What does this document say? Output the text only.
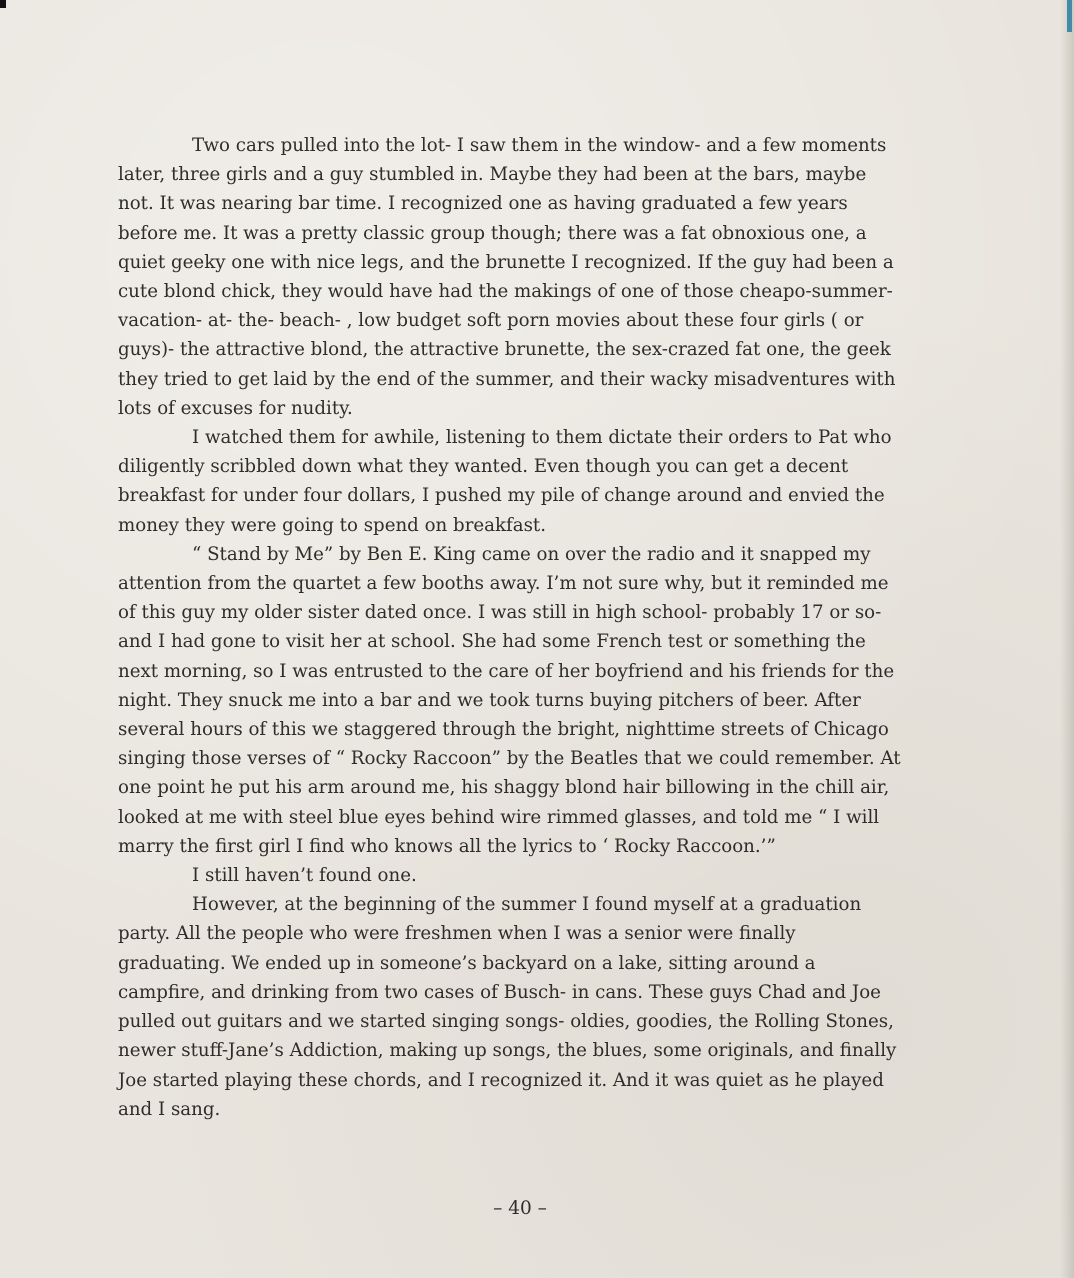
Two cars pulled into the lot- I saw them in the window- and a few moments later, three girls and a guy stumbled in. Maybe they had been at the bars, maybe not. It was nearing bar time. I recognized one as having graduated a few years before me. It was a pretty classic group though; there was a fat obnoxious one, a quiet geeky one with nice legs, and the brunette I recognized. If the guy had been a cute blond chick, they would have had the makings of one of those cheapo-summer- vacation- at- the- beach- , low budget soft porn movies about these four girls ( or guys)- the attractive blond, the attractive brunette, the sex-crazed fat one, the geek they tried to get laid by the end of the summer, and their wacky misadventures with lots of excuses for nudity.

I watched them for awhile, listening to them dictate their orders to Pat who diligently scribbled down what they wanted. Even though you can get a decent breakfast for under four dollars, I pushed my pile of change around and envied the money they were going to spend on breakfast.

“ Stand by Me” by Ben E. King came on over the radio and it snapped my attention from the quartet a few booths away. I’m not sure why, but it reminded me of this guy my older sister dated once. I was still in high school- probably 17 or so- and I had gone to visit her at school. She had some French test or something the next morning, so I was entrusted to the care of her boyfriend and his friends for the night. They snuck me into a bar and we took turns buying pitchers of beer. After several hours of this we staggered through the bright, nighttime streets of Chicago singing those verses of “ Rocky Raccoon” by the Beatles that we could remember. At one point he put his arm around me, his shaggy blond hair billowing in the chill air, looked at me with steel blue eyes behind wire rimmed glasses, and told me “ I will marry the first girl I find who knows all the lyrics to ‘ Rocky Raccoon.’”

I still haven’t found one.

However, at the beginning of the summer I found myself at a graduation party. All the people who were freshmen when I was a senior were finally graduating. We ended up in someone’s backyard on a lake, sitting around a campfire, and drinking from two cases of Busch- in cans. These guys Chad and Joe pulled out guitars and we started singing songs- oldies, goodies, the Rolling Stones, newer stuff-Jane’s Addiction, making up songs, the blues, some originals, and finally Joe started playing these chords, and I recognized it. And it was quiet as he played and I sang.

– 40 –
